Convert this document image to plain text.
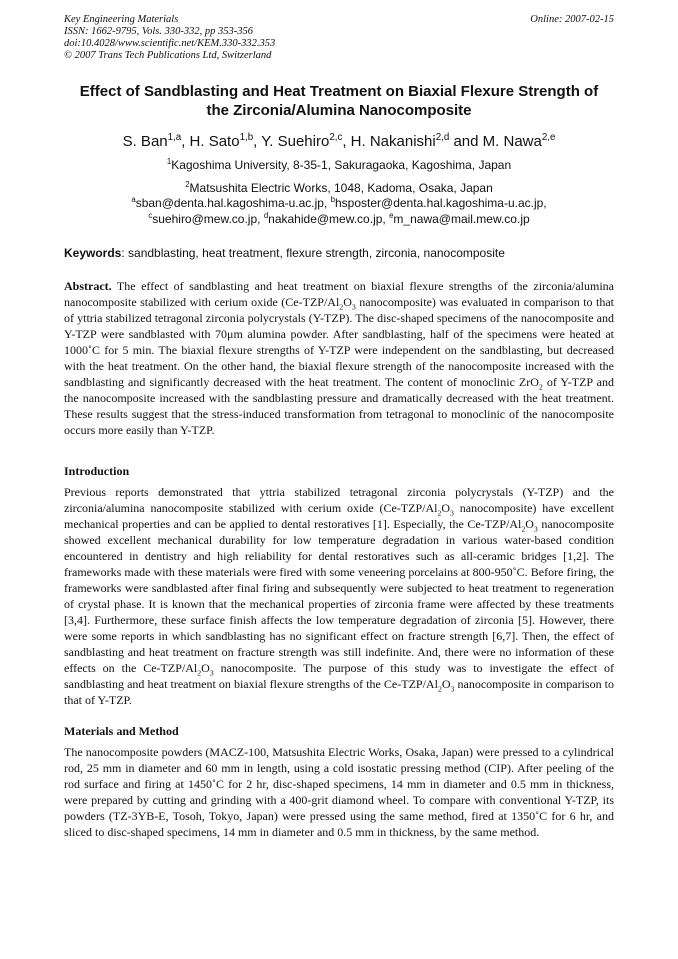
Key Engineering Materials	Online: 2007-02-15
ISSN: 1662-9795, Vols. 330-332, pp 353-356
doi:10.4028/www.scientific.net/KEM.330-332.353
© 2007 Trans Tech Publications Ltd, Switzerland
Effect of Sandblasting and Heat Treatment on Biaxial Flexure Strength of
the Zirconia/Alumina Nanocomposite
S. Ban$^{1,a}$, H. Sato$^{1,b}$, Y. Suehiro$^{2,c}$, H. Nakanishi$^{2,d}$ and M. Nawa$^{2,e}$
$^1$Kagoshima University, 8-35-1, Sakuragaoka, Kagoshima, Japan
$^2$Matsushita Electric Works, 1048, Kadoma, Osaka, Japan
$^a$sban@denta.hal.kagoshima-u.ac.jp, $^b$hsposter@denta.hal.kagoshima-u.ac.jp,
$^c$suehiro@mew.co.jp, $^d$nakahide@mew.co.jp, $^e$m_nawa@mail.mew.co.jp
Keywords: sandblasting, heat treatment, flexure strength, zirconia, nanocomposite
Abstract. The effect of sandblasting and heat treatment on biaxial flexure strengths of the zirconia/alumina nanocomposite stabilized with cerium oxide ($Ce-TZP/Al_2O_3$ nanocomposite) was evaluated in comparison to that of yttria stabilized tetragonal zirconia polycrystals (Y-TZP). The disc-shaped specimens of the nanocomposite and Y-TZP were sandblasted with 70μm alumina powder. After sandblasting, half of the specimens were heated at 1000˚C for 5 min. The biaxial flexure strengths of Y-TZP were independent on the sandblasting, but decreased with the heat treatment. On the other hand, the biaxial flexure strength of the nanocomposite increased with the sandblasting and significantly decreased with the heat treatment. The content of monoclinic ZrO$_2$ of Y-TZP and the nanocomposite increased with the sandblasting pressure and dramatically decreased with the heat treatment. These results suggest that the stress-induced transformation from tetragonal to monoclinic of the nanocomposite occurs more easily than Y-TZP.
Introduction
Previous reports demonstrated that yttria stabilized tetragonal zirconia polycrystals (Y-TZP) and the zirconia/alumina nanocomposite stabilized with cerium oxide ($Ce-TZP/Al_2O_3$ nanocomposite) have excellent mechanical properties and can be applied to dental restoratives [1]. Especially, the $Ce-TZP/Al_2O_3$ nanocomposite showed excellent mechanical durability for low temperature degradation in various water-based condition encountered in dentistry and high reliability for dental restoratives such as all-ceramic bridges [1,2]. The frameworks made with these materials were fired with some veneering porcelains at 800-950˚C. Before firing, the frameworks were sandblasted after final firing and subsequently were subjected to heat treatment to regeneration of crystal phase. It is known that the mechanical properties of zirconia frame were affected by these treatments [3,4]. Furthermore, these surface finish affects the low temperature degradation of zirconia [5]. However, there were some reports in which sandblasting has no significant effect on fracture strength [6,7]. Then, the effect of sandblasting and heat treatment on fracture strength was still indefinite. And, there were no information of these effects on the $Ce-TZP/Al_2O_3$ nanocomposite. The purpose of this study was to investigate the effect of sandblasting and heat treatment on biaxial flexure strengths of the $Ce-TZP/Al_2O_3$ nanocomposite in comparison to that of Y-TZP.
Materials and Method
The nanocomposite powders (MACZ-100, Matsushita Electric Works, Osaka, Japan) were pressed to a cylindrical rod, 25 mm in diameter and 60 mm in length, using a cold isostatic pressing method (CIP). After peeling of the rod surface and firing at 1450˚C for 2 hr, disc-shaped specimens, 14 mm in diameter and 0.5 mm in thickness, were prepared by cutting and grinding with a 400-grit diamond wheel. To compare with conventional Y-TZP, its powders (TZ-3YB-E, Tosoh, Tokyo, Japan) were pressed using the same method, fired at 1350˚C for 6 hr, and sliced to disc-shaped specimens, 14 mm in diameter and 0.5 mm in thickness, by the same method.
